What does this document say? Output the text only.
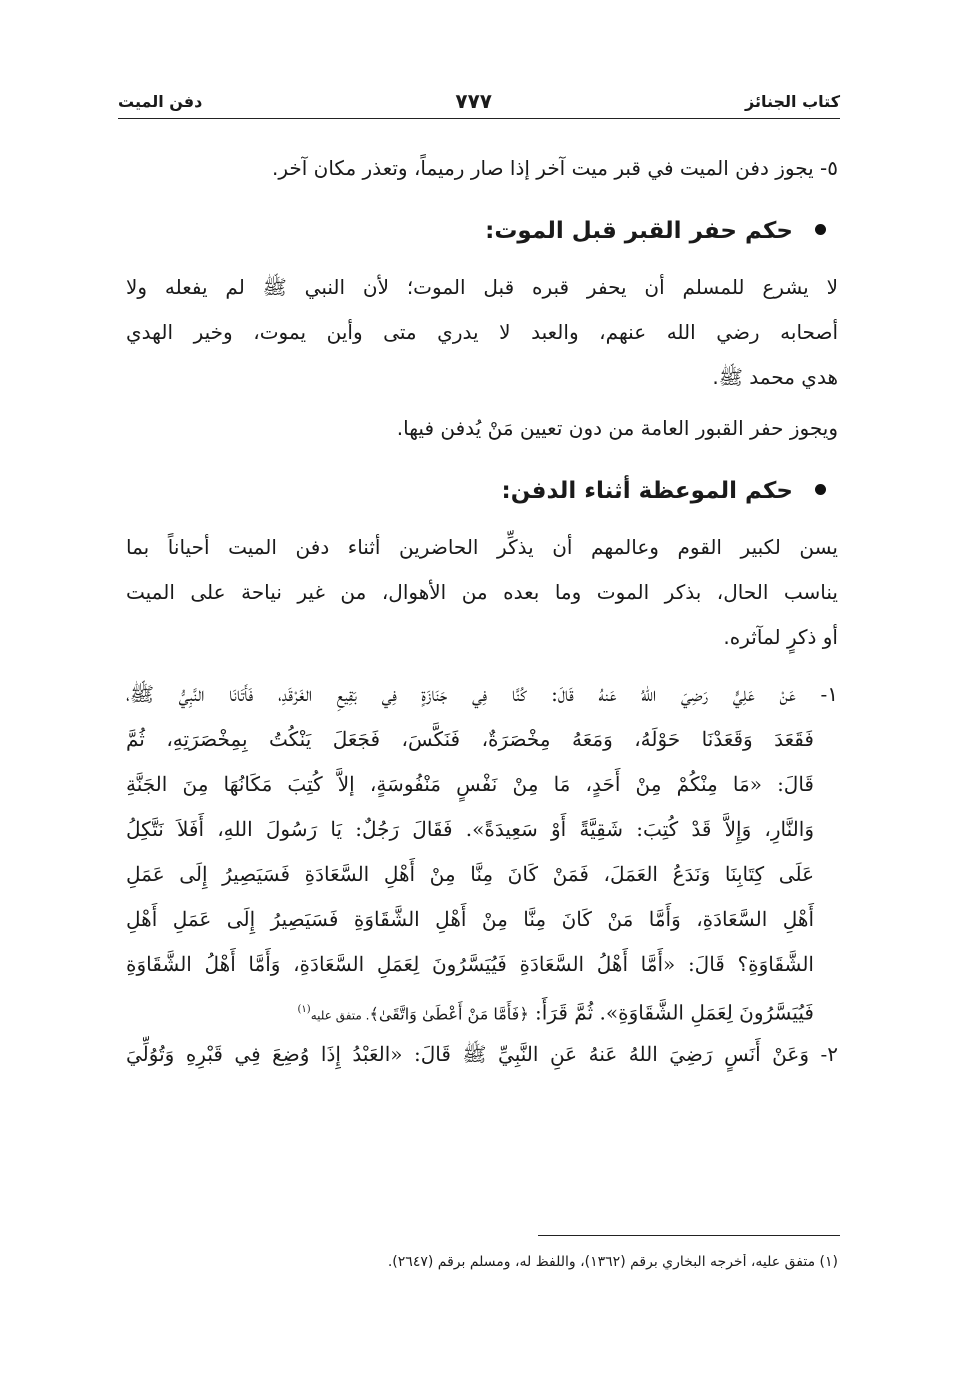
كتاب الجنائز
٧٧٧
دفن الميت
٥- يجوز دفن الميت في قبر ميت آخر إذا صار رميماً، وتعذر مكان آخر.
حكم حفر القبر قبل الموت:
لا يشرع للمسلم أن يحفر قبره قبل الموت؛ لأن النبي ﷺ لم يفعله ولا
أصحابه رضي الله عنهم، والعبد لا يدري متى وأين يموت، وخير الهدي
هدي محمد ﷺ.
ويجوز حفر القبور العامة من دون تعيين مَنْ يُدفن فيها.
حكم الموعظة أثناء الدفن:
يسن لكبير القوم وعالمهم أن يذكِّر الحاضرين أثناء دفن الميت أحياناً بما
يناسب الحال، بذكر الموت وما بعده من الأهوال، من غير نياحة على الميت
أو ذكرٍ لمآثره.
١- عَنْ عَلِيٍّ رَضِيَ اللهُ عَنهُ قَالَ: كُنَّا فِي جَنَازَةٍ فِي بَقِيعِ الغَرْقَدِ، فَأَتَانَا النَّبِيُّ ﷺ،
فَقَعَدَ وَقَعَدْنَا حَوْلَهُ، وَمَعَهُ مِخْصَرَةٌ، فَنَكَّسَ، فَجَعَلَ يَنْكُتُ بِمِخْصَرَتِهِ، ثُمَّ
قَالَ: «مَا مِنْكُمْ مِنْ أَحَدٍ، مَا مِنْ نَفْسٍ مَنْفُوسَةٍ، إلاَّ كُتِبَ مَكَانُهَا مِنَ الجَنَّةِ
وَالنَّارِ، وَإِلاَّ قَدْ كُتِبَ: شَقِيَّةً أَوْ سَعِيدَةً». فَقَالَ رَجُلٌ: يَا رَسُولَ اللهِ، أَفَلاَ نَتَّكِلُ
عَلَى كِتَابِنَا وَنَدَعُ العَمَلَ، فَمَنْ كَانَ مِنَّا مِنْ أَهْلِ السَّعَادَةِ فَسَيَصِيرُ إِلَى عَمَلِ
أَهْلِ السَّعَادَةِ، وَأَمَّا مَنْ كَانَ مِنَّا مِنْ أَهْلِ الشَّقَاوَةِ فَسَيَصِيرُ إِلَى عَمَلِ أَهْلِ
الشَّقَاوَةِ؟ قَالَ: «أَمَّا أَهْلُ السَّعَادَةِ فَيُيَسَّرُونَ لِعَمَلِ السَّعَادَةِ، وَأَمَّا أَهْلُ الشَّقَاوَةِ
فَيُيَسَّرُونَ لِعَمَلِ الشَّقَاوَةِ». ثُمَّ قَرَأَ: ﴿فَأَمَّا مَنْ أَعْطَىٰ وَاتَّقَىٰ﴾. متفق عليه$^{(١)}$
٢- وَعَنْ أَنَسٍ رَضِيَ اللهُ عَنهُ عَنِ النَّبِيِّ ﷺ قَالَ: «العَبْدُ إِذَا وُضِعَ فِي قَبْرِهِ وَتُوُلِّيَ
(١) متفق عليه، أخرجه البخاري برقم (١٣٦٢)، واللفظ له، ومسلم برقم (٢٦٤٧).
